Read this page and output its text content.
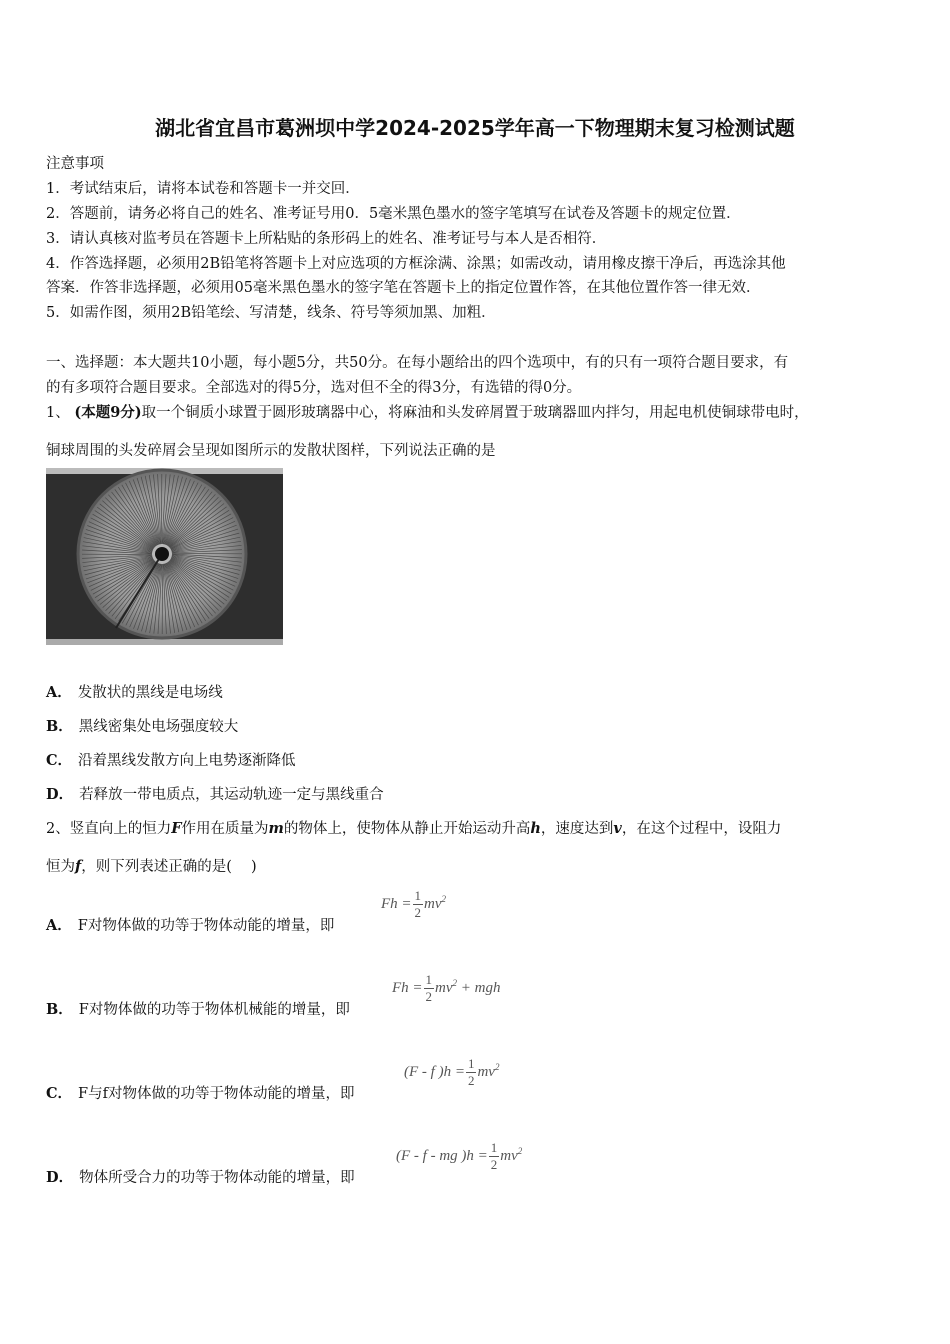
湖北省宜昌市葛洲坝中学2024-2025学年高一下物理期末复习检测试题
注意事项
1．考试结束后，请将本试卷和答题卡一并交回．
2．答题前，请务必将自己的姓名、准考证号用0．5毫米黑色墨水的签字笔填写在试卷及答题卡的规定位置．
3．请认真核对监考员在答题卡上所粘贴的条形码上的姓名、准考证号与本人是否相符．
4．作答选择题，必须用2B铅笔将答题卡上对应选项的方框涂满、涂黑；如需改动，请用橡皮擦干净后，再选涂其他
答案．作答非选择题，必须用05毫米黑色墨水的签字笔在答题卡上的指定位置作答，在其他位置作答一律无效．
5．如需作图，须用2B铅笔绘、写清楚，线条、符号等须加黑、加粗．
一、选择题：本大题共10小题，每小题5分，共50分。在每小题给出的四个选项中，有的只有一项符合题目要求，有
的有多项符合题目要求。全部选对的得5分，选对但不全的得3分，有选错的得0分。
1、 (本题9分)取一个铜质小球置于圆形玻璃器中心，将麻油和头发碎屑置于玻璃器皿内拌匀，用起电机使铜球带电时，
铜球周围的头发碎屑会呈现如图所示的发散状图样，下列说法正确的是
A． 发散状的黑线是电场线
B． 黑线密集处电场强度较大
C． 沿着黑线发散方向上电势逐渐降低
D． 若释放一带电质点，其运动轨迹一定与黑线重合
2、竖直向上的恒力F作用在质量为m的物体上，使物体从静止开始运动升高h，速度达到v，在这个过程中，设阻力
恒为f，则下列表述正确的是(　 )
A． F对物体做的功等于物体动能的增量，即
$Fh = \frac{1}{2} mv^2$
B． F对物体做的功等于物体机械能的增量，即
$Fh = \frac{1}{2} mv^2$ + mgh
C． F与f对物体做的功等于物体动能的增量，即
(F - f )$h = \frac{1}{2} mv^2$
D． 物体所受合力的功等于物体动能的增量，即
(F - f - mg )$h = \frac{1}{2} mv^2$
